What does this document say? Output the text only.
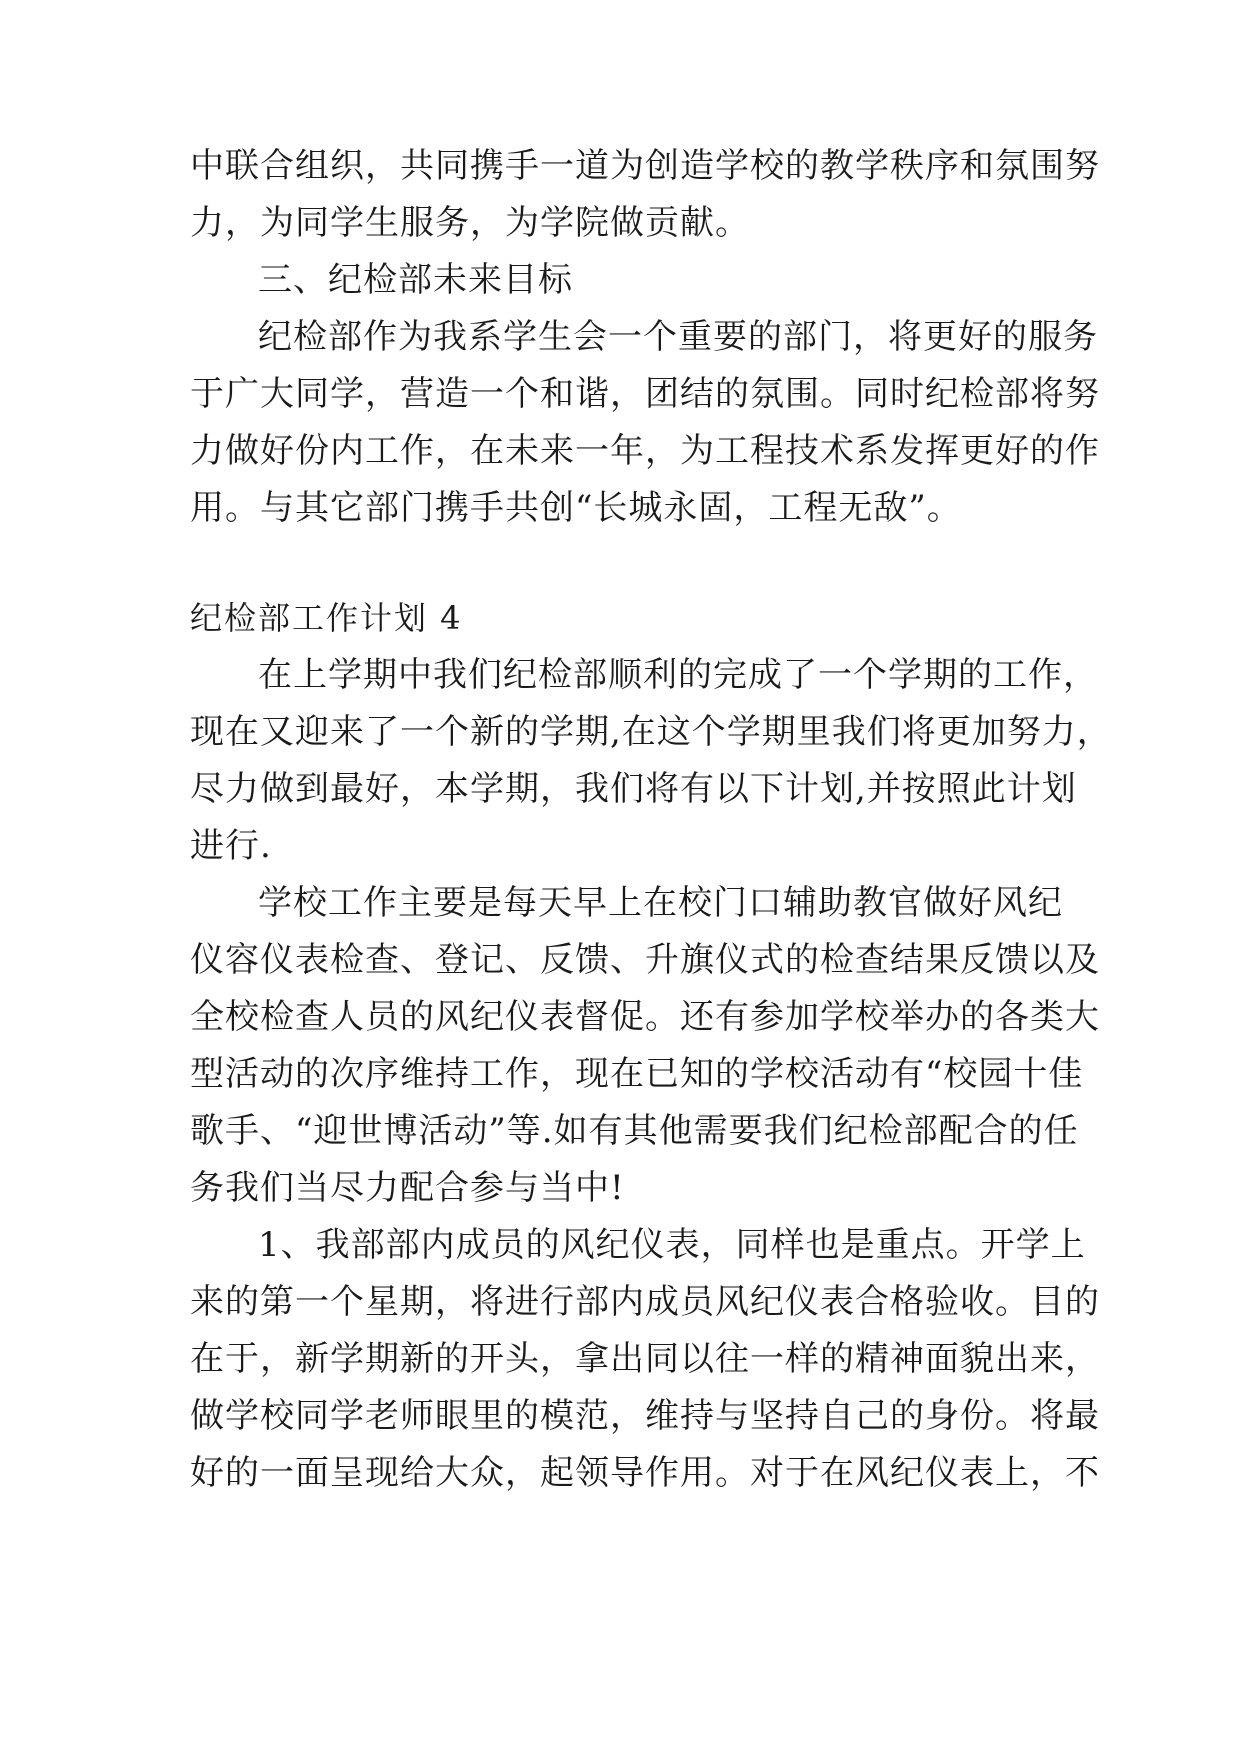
中联合组织，共同携手一道为创造学校的教学秩序和氛围努
力，为同学生服务，为学院做贡献。
三、纪检部未来目标
纪检部作为我系学生会一个重要的部门，将更好的服务
于广大同学，营造一个和谐，团结的氛围。同时纪检部将努
力做好份内工作，在未来一年，为工程技术系发挥更好的作
用。与其它部门携手共创“长城永固，工程无敌”。
纪检部工作计划 4
在上学期中我们纪检部顺利的完成了一个学期的工作，
现在又迎来了一个新的学期,在这个学期里我们将更加努力，
尽力做到最好，本学期，我们将有以下计划,并按照此计划
进行.
学校工作主要是每天早上在校门口辅助教官做好风纪
仪容仪表检查、登记、反馈、升旗仪式的检查结果反馈以及
全校检查人员的风纪仪表督促。还有参加学校举办的各类大
型活动的次序维持工作，现在已知的学校活动有“校园十佳
歌手、“迎世博活动”等.如有其他需要我们纪检部配合的任
务我们当尽力配合参与当中!
1、我部部内成员的风纪仪表，同样也是重点。开学上
来的第一个星期，将进行部内成员风纪仪表合格验收。目的
在于，新学期新的开头，拿出同以往一样的精神面貌出来，
做学校同学老师眼里的模范，维持与坚持自己的身份。将最
好的一面呈现给大众，起领导作用。对于在风纪仪表上，不
